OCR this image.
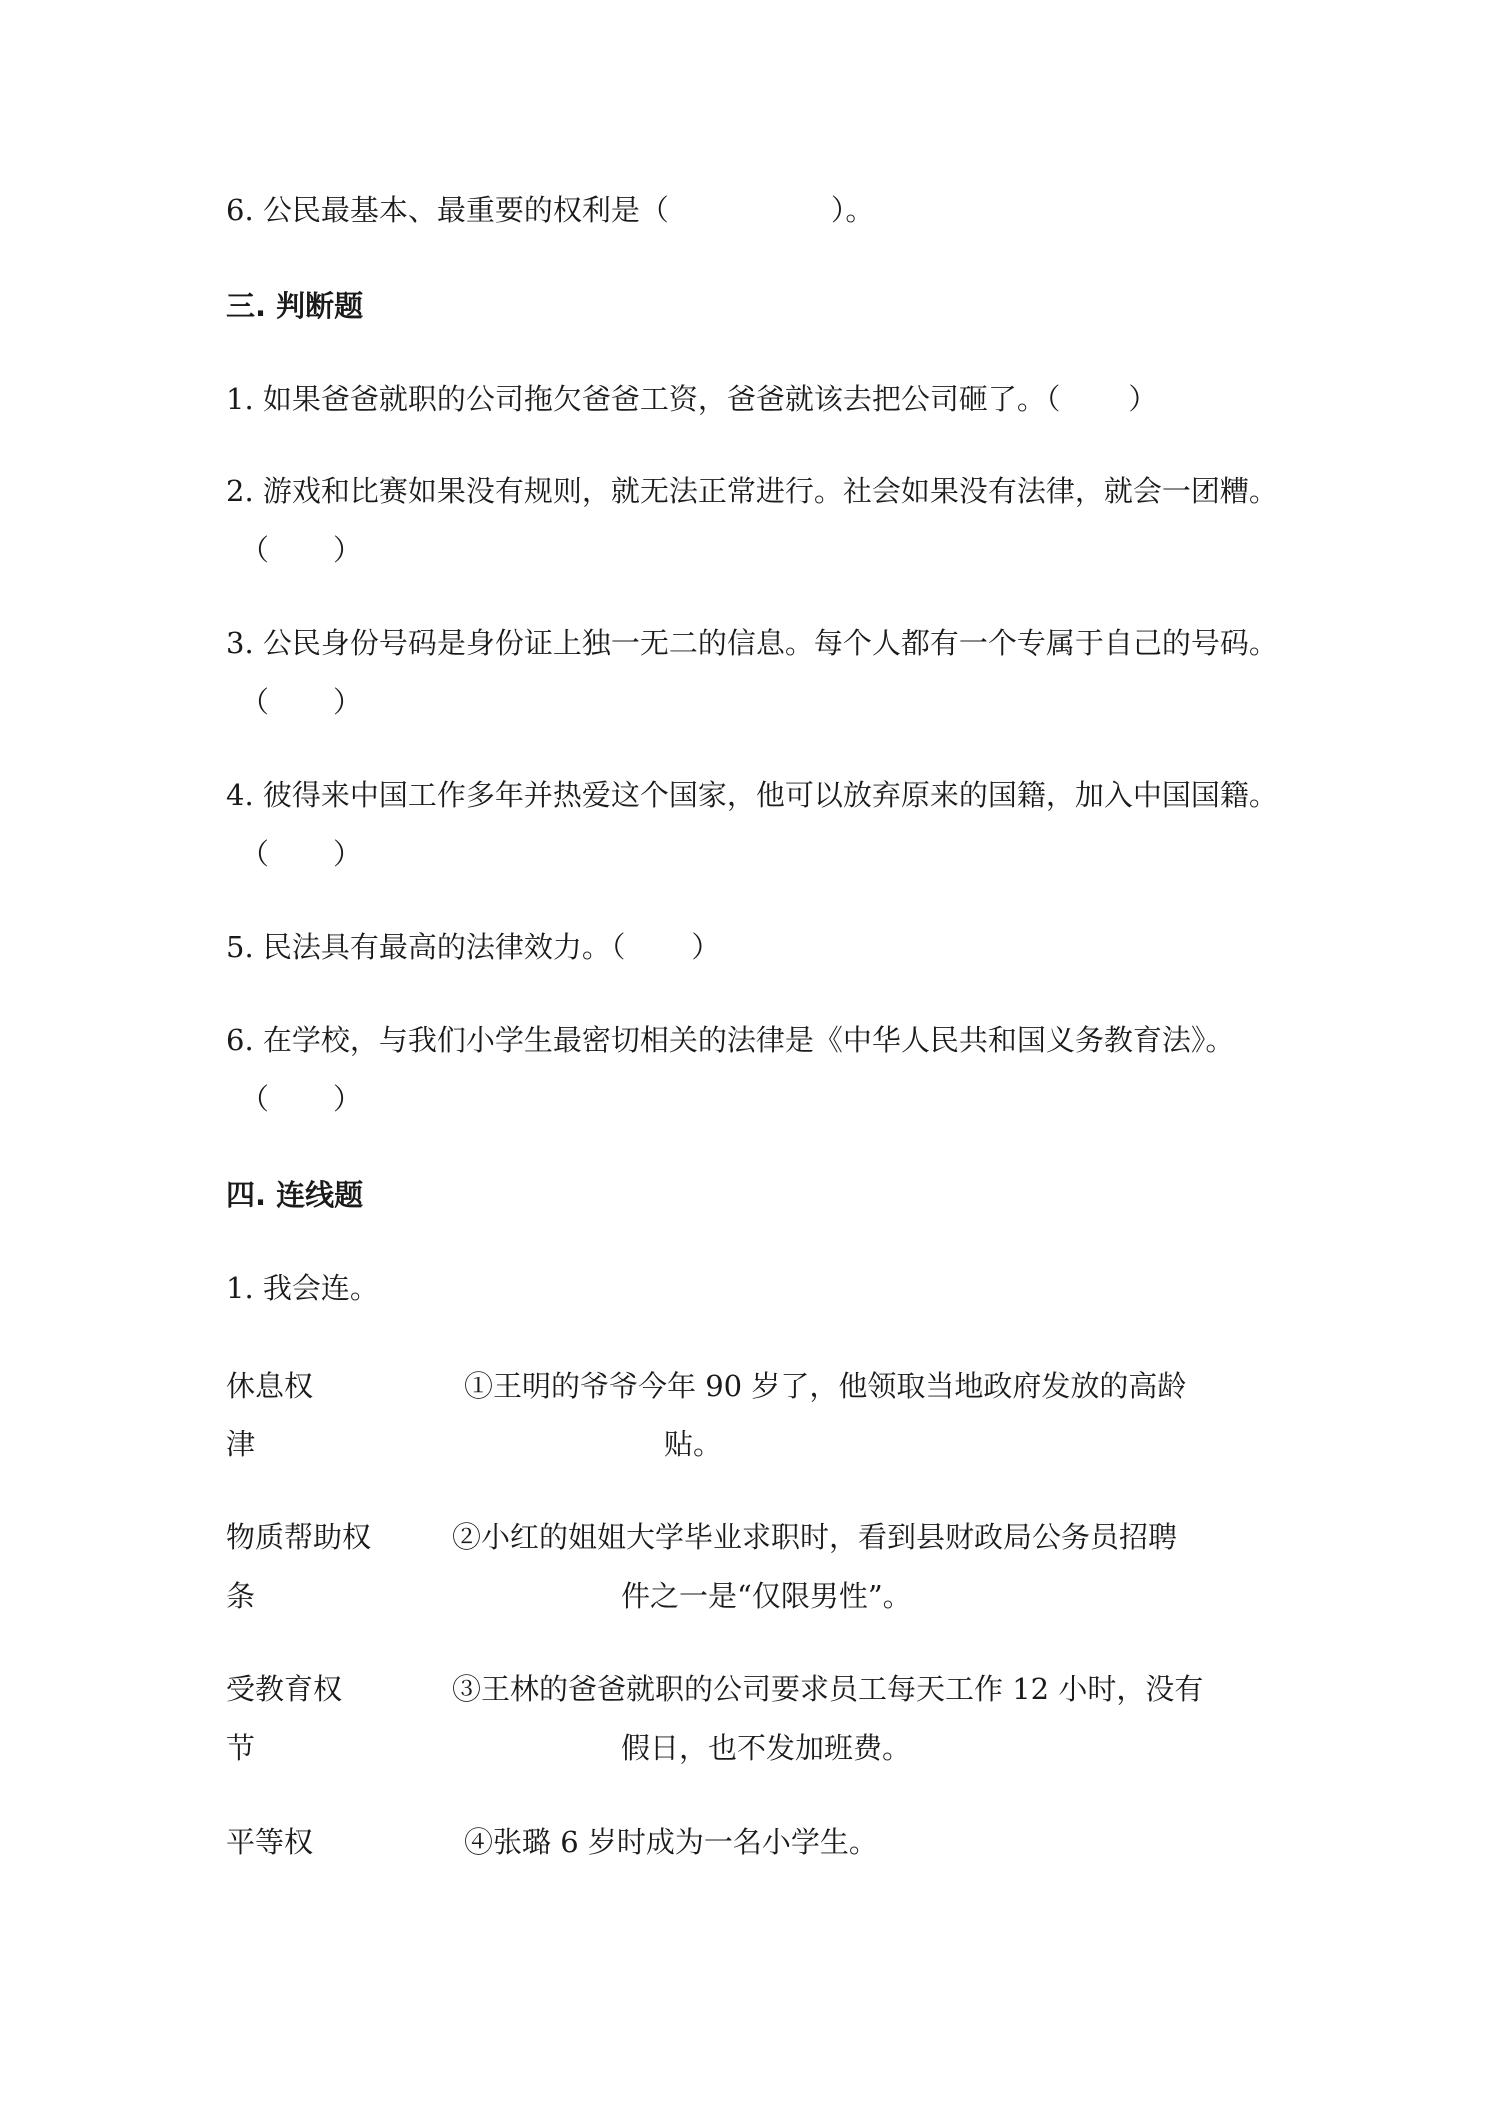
6. 公民最基本、最重要的权利是（	）。
三. 判断题
1. 如果爸爸就职的公司拖欠爸爸工资，爸爸就该去把公司砸了。（ ）
2. 游戏和比赛如果没有规则，就无法正常进行。社会如果没有法律，就会一团糟。
（ ）
3. 公民身份号码是身份证上独一无二的信息。每个人都有一个专属于自己的号码。
（ ）
4. 彼得来中国工作多年并热爱这个国家，他可以放弃原来的国籍，加入中国国籍。
（ ）
5. 民法具有最高的法律效力。（ ）
6. 在学校，与我们小学生最密切相关的法律是《中华人民共和国义务教育法》。
（ ）
四. 连线题
1. 我会连。
休息权	①王明的爷爷今年 90 岁了，他领取当地政府发放的高龄
津	贴。
物质帮助权	②小红的姐姐大学毕业求职时，看到县财政局公务员招聘
条	件之一是“仅限男性”。
受教育权	③王林的爸爸就职的公司要求员工每天工作 12 小时，没有
节	假日，也不发加班费。
平等权	④张璐 6 岁时成为一名小学生。
